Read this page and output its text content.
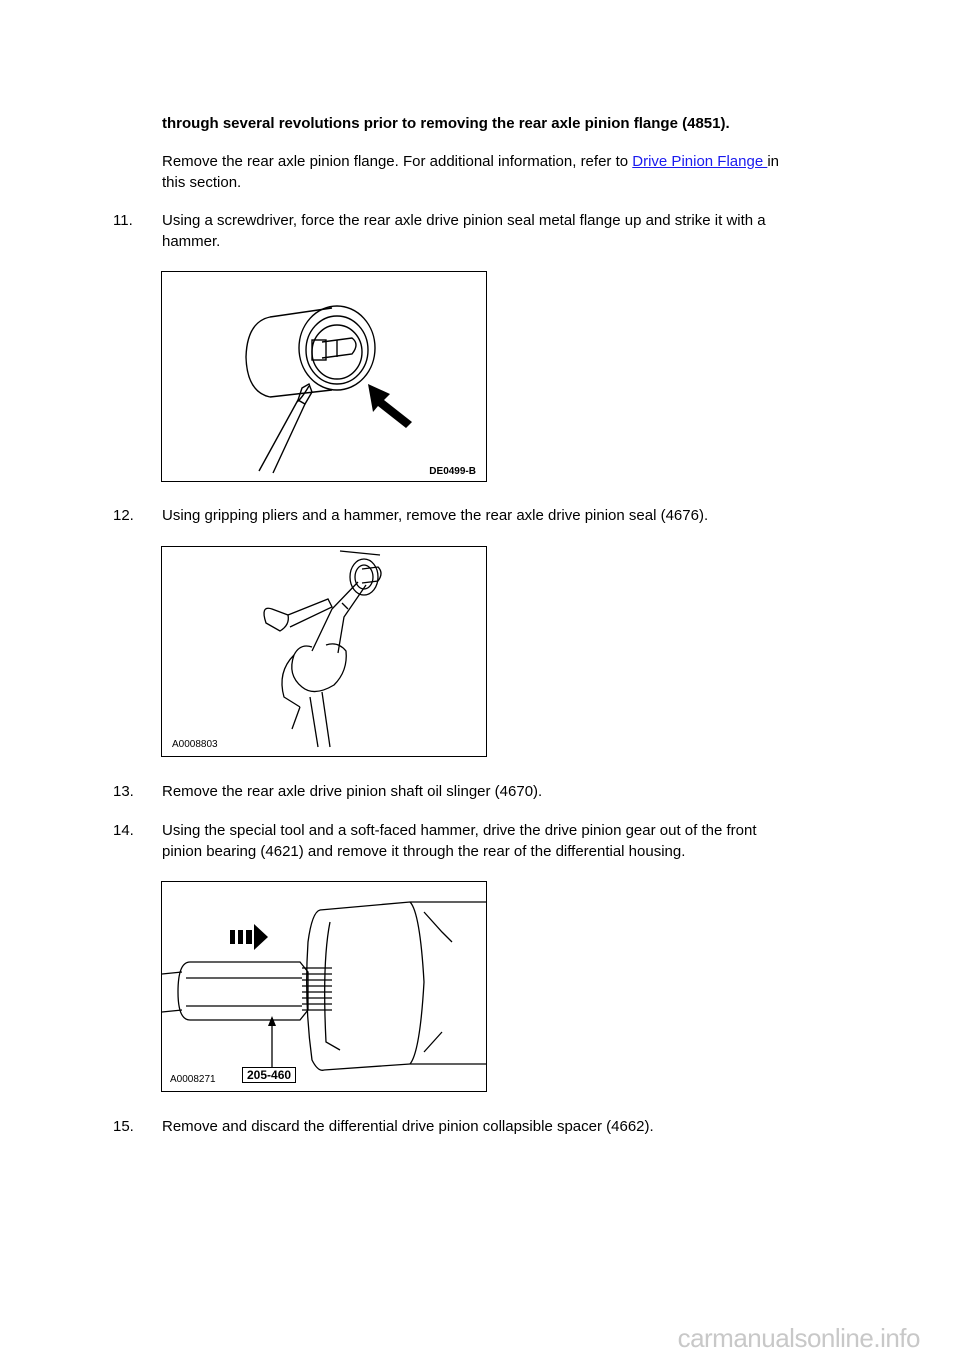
through several revolutions prior to removing the rear axle pinion flange (4851).

Remove the rear axle pinion flange. For additional information, refer to Drive Pinion Flange in

this section.

11. Using a screwdriver, force the rear axle drive pinion seal metal flange up and strike it with a
hammer.
DE0499-B
12. Using gripping pliers and a hammer, remove the rear axle drive pinion seal (4676).
A0008803
13. Remove the rear axle drive pinion shaft oil slinger (4670).
14. Using the special tool and a soft-faced hammer, drive the drive pinion gear out of the front
pinion bearing (4621) and remove it through the rear of the differential housing.
A0008271	205-460
15. Remove and discard the differential drive pinion collapsible spacer (4662).
carmanualsonline.info
